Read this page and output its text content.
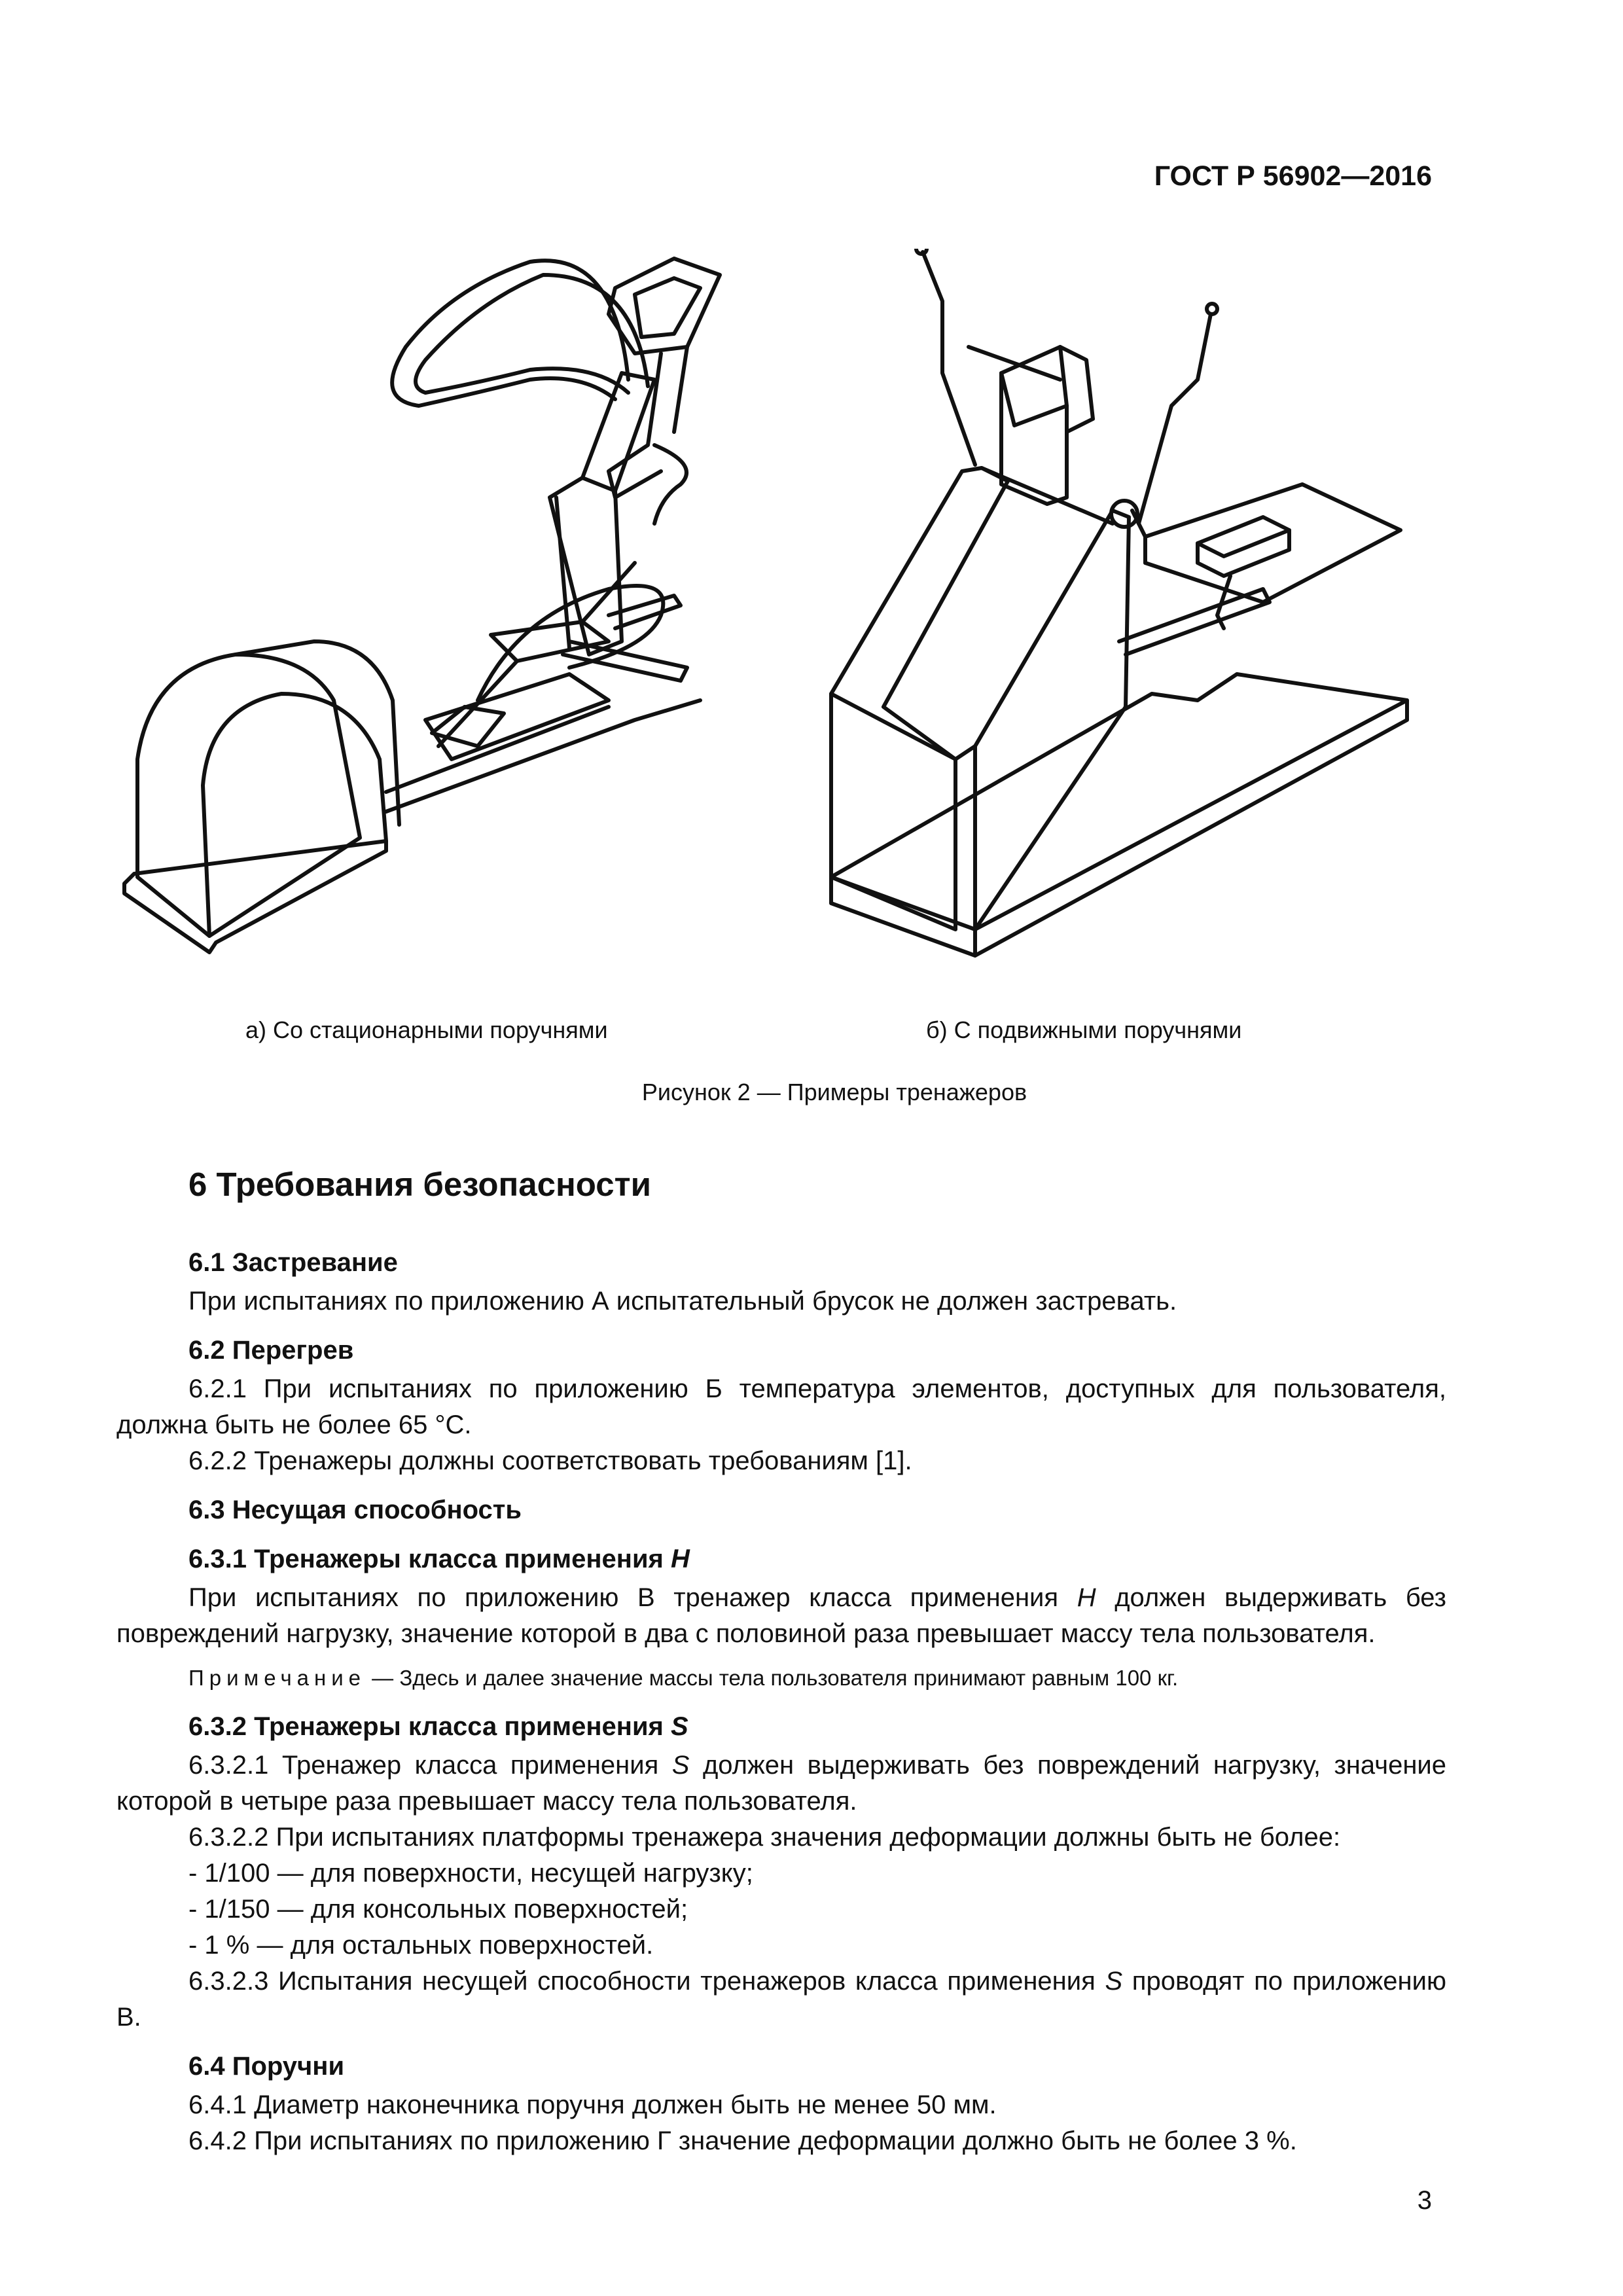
ГОСТ Р 56902—2016
а) Со стационарными поручнями	б) С подвижными поручнями
Рисунок 2 — Примеры тренажеров
6 Требования безопасности
6.1 Застревание

При испытаниях по приложению А испытательный брусок не должен застревать.

6.2 Перегрев

6.2.1 При испытаниях по приложению Б температура элементов, доступных для пользователя, должна быть не более 65 °С.

6.2.2 Тренажеры должны соответствовать требованиям [1].

6.3 Несущая способность
6.3.1 Тренажеры класса применения Н

При испытаниях по приложению В тренажер класса применения Н должен выдерживать без повреждений нагрузку, значение которой в два с половиной раза превышает массу тела пользователя.

Примечание — Здесь и далее значение массы тела пользователя принимают равным 100 кг.
6.3.2 Тренажеры класса применения S

6.3.2.1 Тренажер класса применения S должен выдерживать без повреждений нагрузку, значение которой в четыре раза превышает массу тела пользователя.

6.3.2.2 При испытаниях платформы тренажера значения деформации должны быть не более:

- 1/100 — для поверхности, несущей нагрузку;

- 1/150 — для консольных поверхностей;

- 1 % — для остальных поверхностей.

6.3.2.3 Испытания несущей способности тренажеров класса применения S проводят по приложению В.

6.4 Поручни

6.4.1 Диаметр наконечника поручня должен быть не менее 50 мм.

6.4.2 При испытаниях по приложению Г значение деформации должно быть не более 3 %.

3
